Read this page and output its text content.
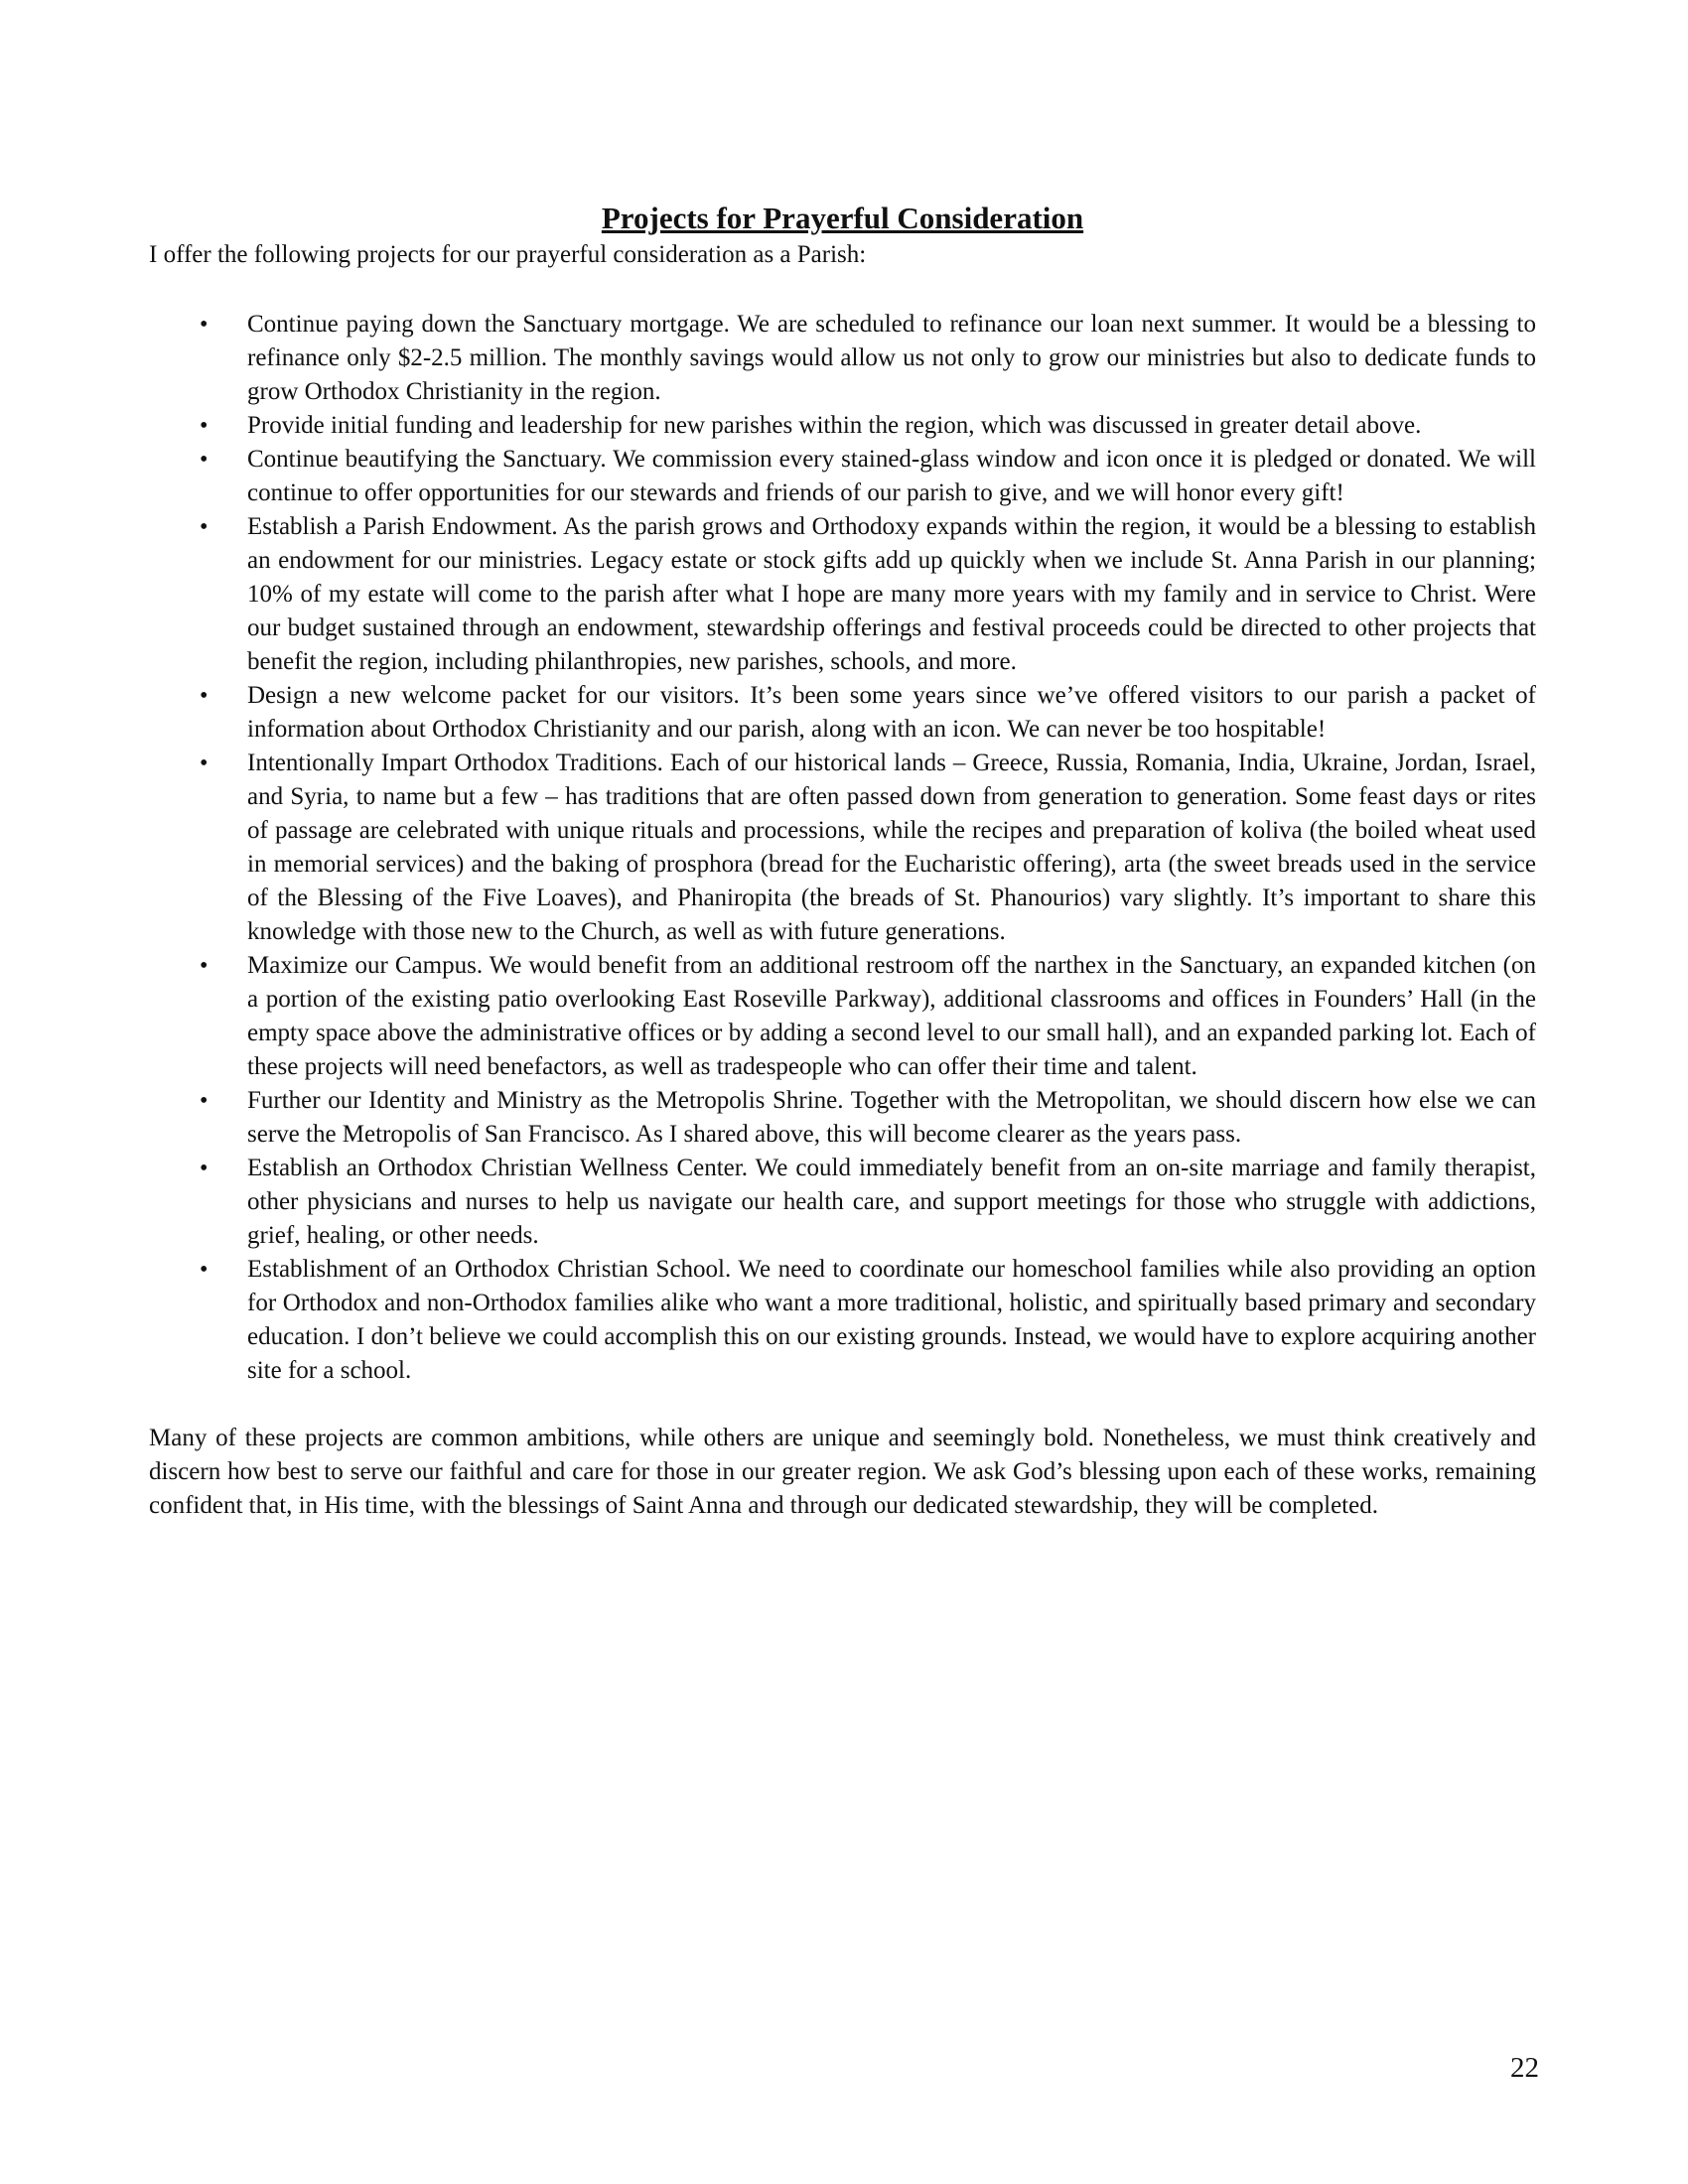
Projects for Prayerful Consideration

I offer the following projects for our prayerful consideration as a Parish:

• Continue paying down the Sanctuary mortgage. We are scheduled to refinance our loan next summer. It would be a blessing to refinance only $2-2.5 million. The monthly savings would allow us not only to grow our ministries but also to dedicate funds to grow Orthodox Christianity in the region.
• Provide initial funding and leadership for new parishes within the region, which was discussed in greater detail above.
• Continue beautifying the Sanctuary. We commission every stained-glass window and icon once it is pledged or donated. We will continue to offer opportunities for our stewards and friends of our parish to give, and we will honor every gift!
• Establish a Parish Endowment. As the parish grows and Orthodoxy expands within the region, it would be a blessing to establish an endowment for our ministries. Legacy estate or stock gifts add up quickly when we include St. Anna Parish in our planning; 10% of my estate will come to the parish after what I hope are many more years with my family and in service to Christ. Were our budget sustained through an endowment, stewardship offerings and festival proceeds could be directed to other projects that benefit the region, including philanthropies, new parishes, schools, and more.
• Design a new welcome packet for our visitors. It’s been some years since we’ve offered visitors to our parish a packet of information about Orthodox Christianity and our parish, along with an icon. We can never be too hospitable!
• Intentionally Impart Orthodox Traditions. Each of our historical lands – Greece, Russia, Romania, India, Ukraine, Jordan, Israel, and Syria, to name but a few – has traditions that are often passed down from generation to generation. Some feast days or rites of passage are celebrated with unique rituals and processions, while the recipes and preparation of koliva (the boiled wheat used in memorial services) and the baking of prosphora (bread for the Eucharistic offering), arta (the sweet breads used in the service of the Blessing of the Five Loaves), and Phaniropita (the breads of St. Phanourios) vary slightly. It’s important to share this knowledge with those new to the Church, as well as with future generations.
• Maximize our Campus. We would benefit from an additional restroom off the narthex in the Sanctuary, an expanded kitchen (on a portion of the existing patio overlooking East Roseville Parkway), additional classrooms and offices in Founders’ Hall (in the empty space above the administrative offices or by adding a second level to our small hall), and an expanded parking lot. Each of these projects will need benefactors, as well as tradespeople who can offer their time and talent.
• Further our Identity and Ministry as the Metropolis Shrine. Together with the Metropolitan, we should discern how else we can serve the Metropolis of San Francisco. As I shared above, this will become clearer as the years pass.
• Establish an Orthodox Christian Wellness Center. We could immediately benefit from an on-site marriage and family therapist, other physicians and nurses to help us navigate our health care, and support meetings for those who struggle with addictions, grief, healing, or other needs.
• Establishment of an Orthodox Christian School. We need to coordinate our homeschool families while also providing an option for Orthodox and non-Orthodox families alike who want a more traditional, holistic, and spiritually based primary and secondary education. I don’t believe we could accomplish this on our existing grounds. Instead, we would have to explore acquiring another site for a school.

Many of these projects are common ambitions, while others are unique and seemingly bold. Nonetheless, we must think creatively and discern how best to serve our faithful and care for those in our greater region. We ask God’s blessing upon each of these works, remaining confident that, in His time, with the blessings of Saint Anna and through our dedicated stewardship, they will be completed.

22
